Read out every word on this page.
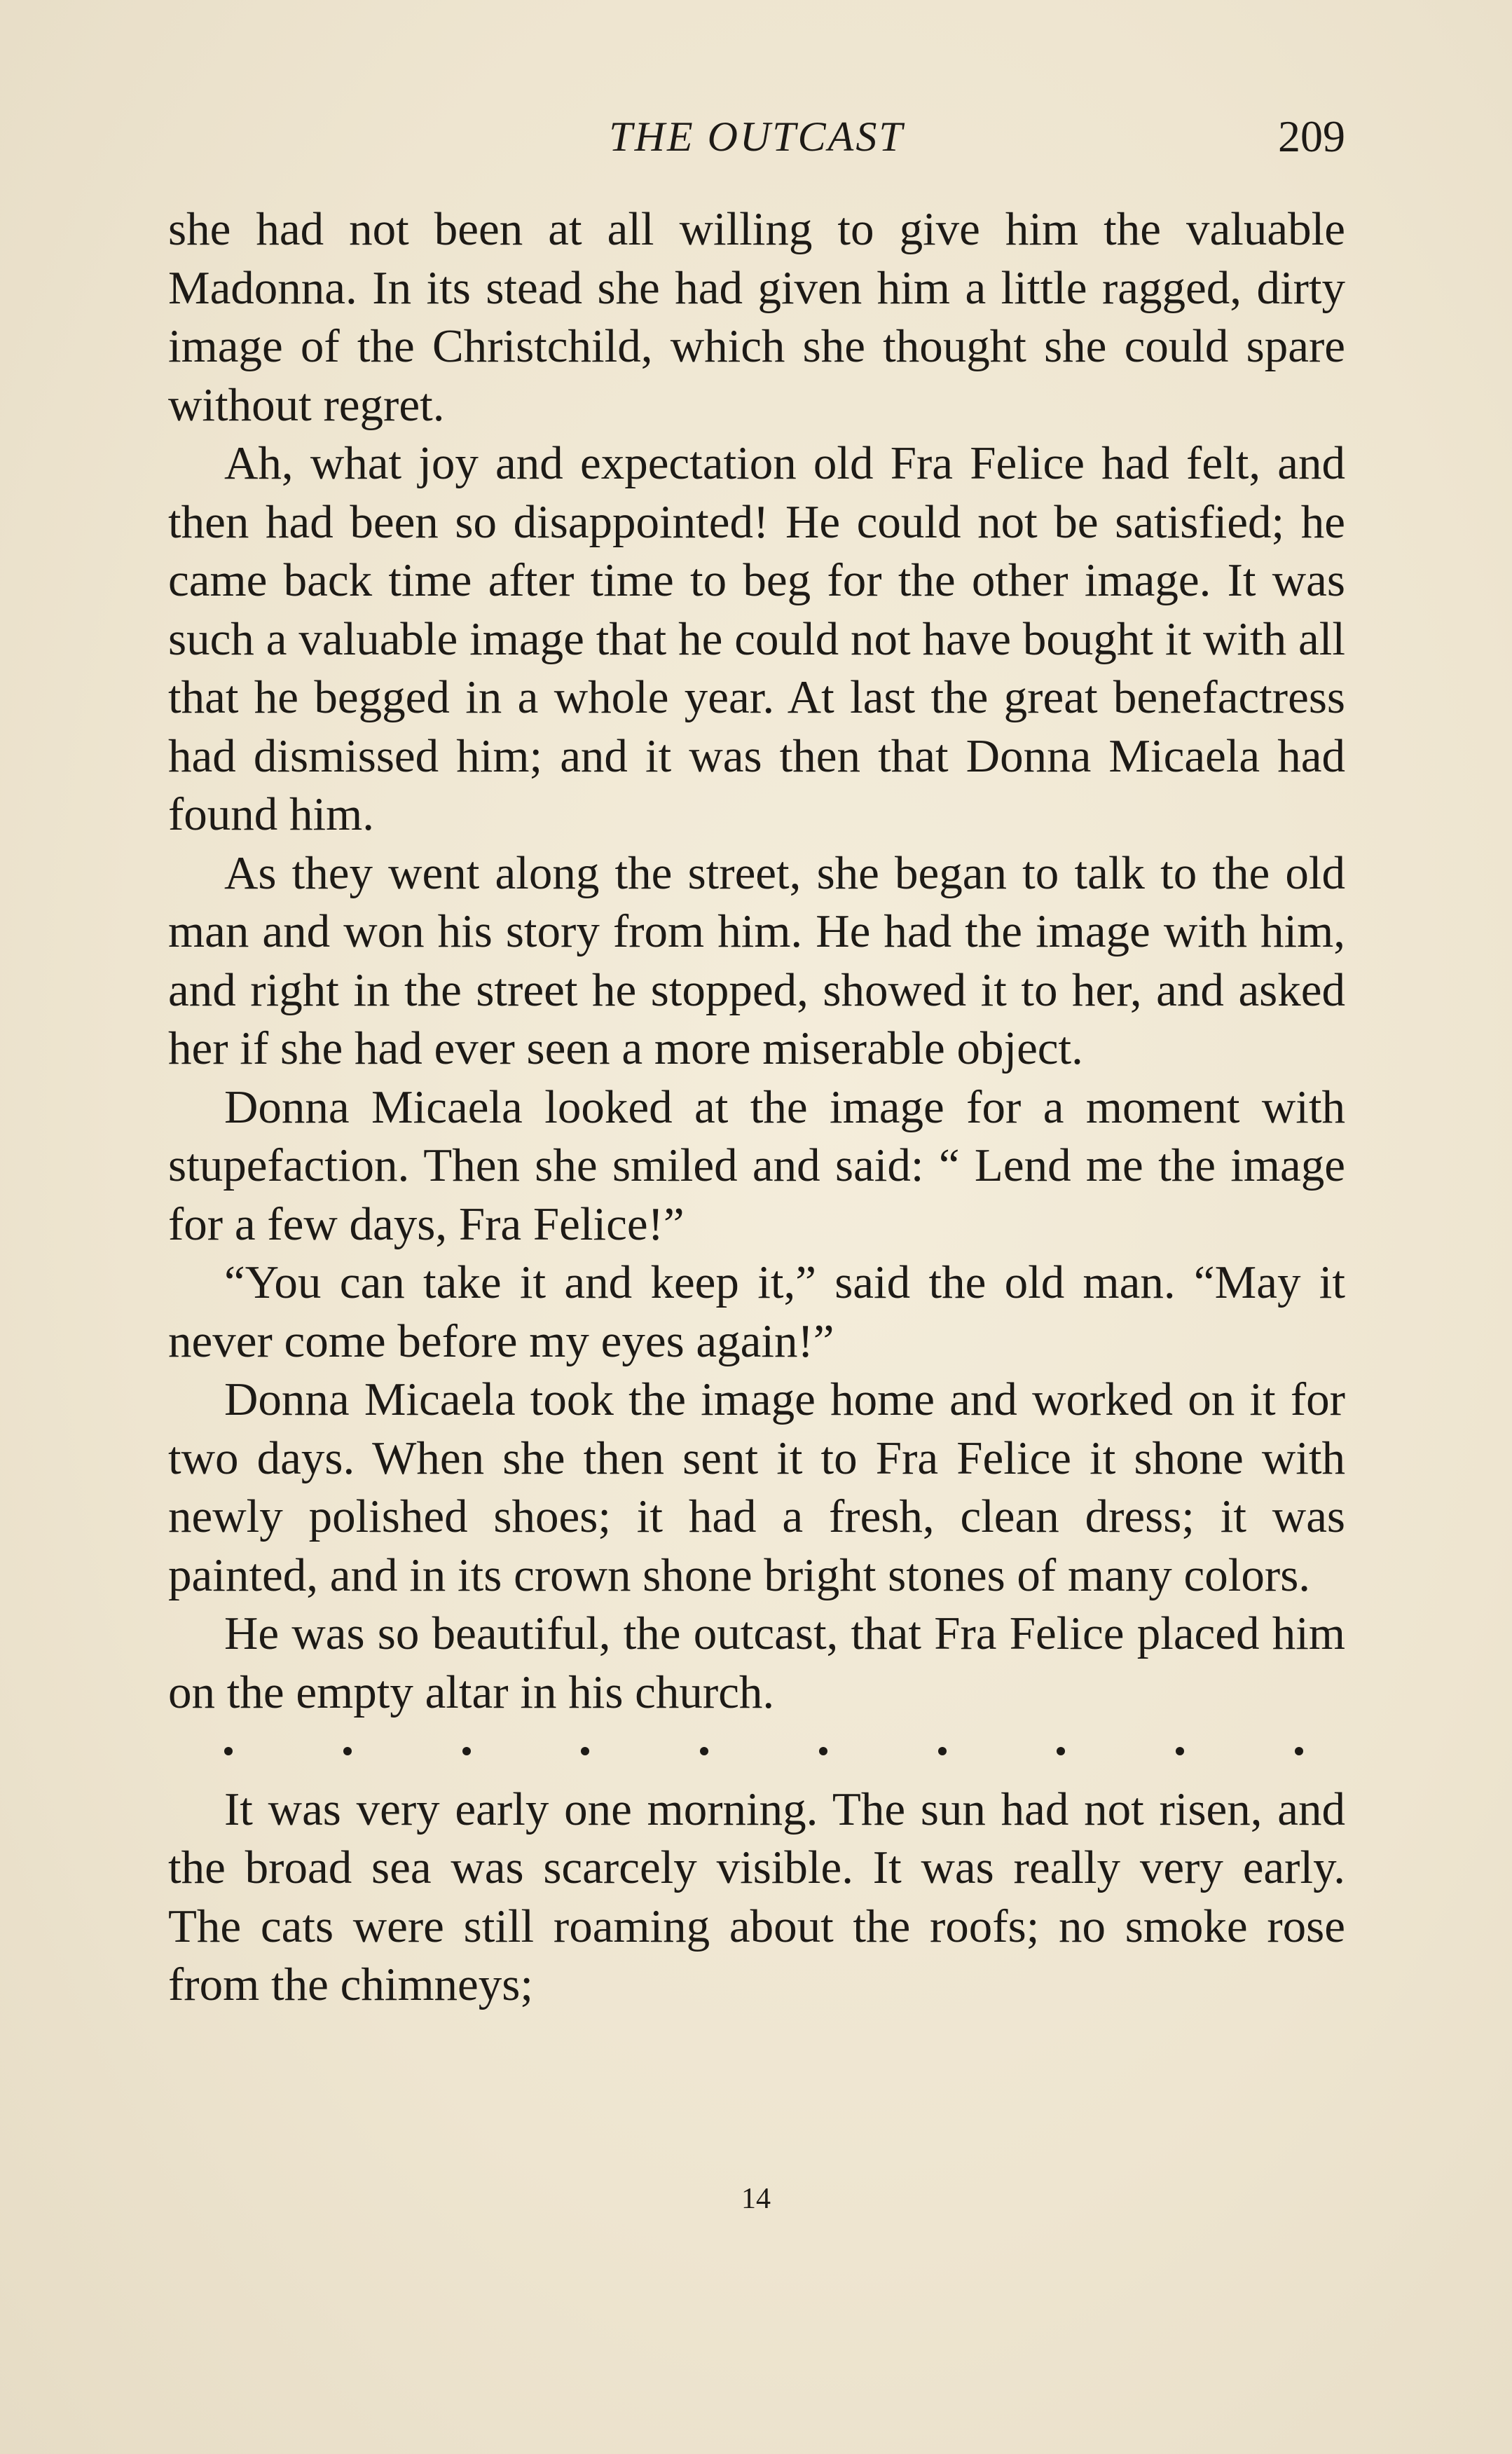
THE OUTCAST	209

she had not been at all willing to give him the valuable Madonna. In its stead she had given him a little ragged, dirty image of the Christchild, which she thought she could spare without regret.

Ah, what joy and expectation old Fra Felice had felt, and then had been so disappointed! He could not be satisfied; he came back time after time to beg for the other image. It was such a valuable image that he could not have bought it with all that he begged in a whole year. At last the great benefactress had dismissed him; and it was then that Donna Micaela had found him.

As they went along the street, she began to talk to the old man and won his story from him. He had the image with him, and right in the street he stopped, showed it to her, and asked her if she had ever seen a more miserable object.

Donna Micaela looked at the image for a moment with stupefaction. Then she smiled and said: “ Lend me the image for a few days, Fra Felice!”

“You can take it and keep it,” said the old man. “May it never come before my eyes again!”

Donna Micaela took the image home and worked on it for two days. When she then sent it to Fra Felice it shone with newly polished shoes; it had a fresh, clean dress; it was painted, and in its crown shone bright stones of many colors.

He was so beautiful, the outcast, that Fra Felice placed him on the empty altar in his church.

It was very early one morning. The sun had not risen, and the broad sea was scarcely visible. It was really very early. The cats were still roaming about the roofs; no smoke rose from the chimneys;

14
